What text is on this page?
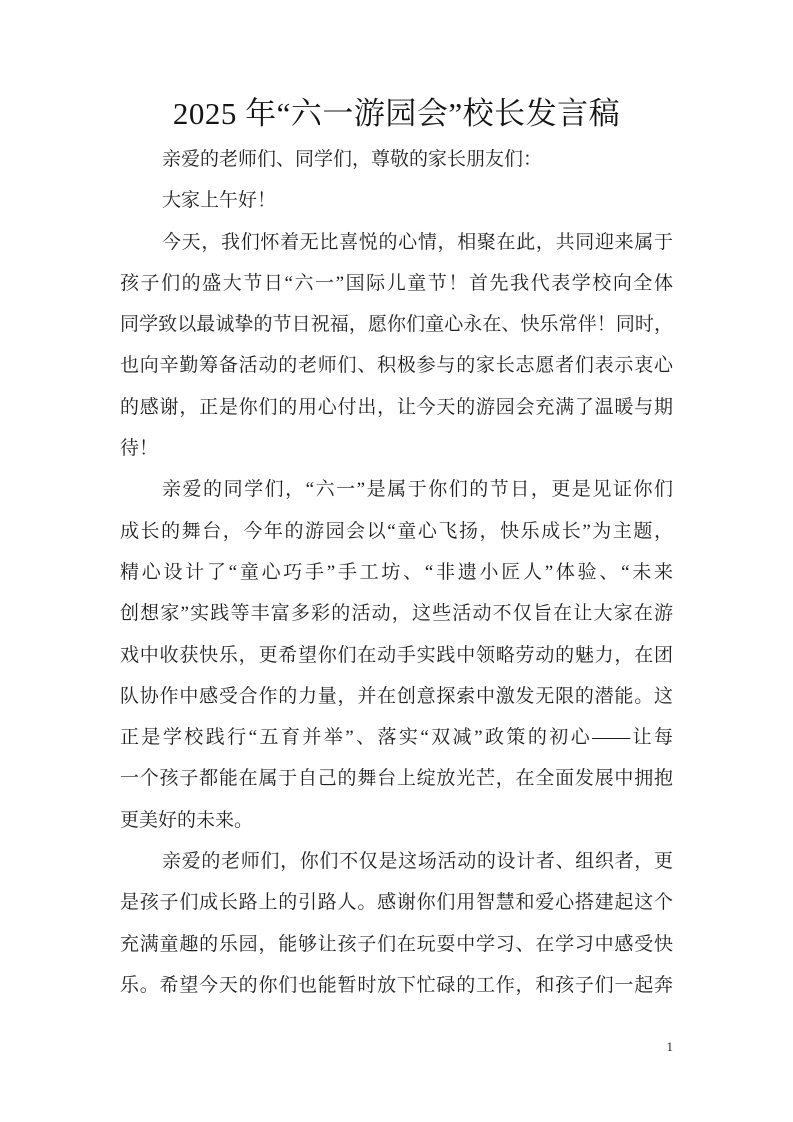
2025 年“六一游园会”校长发言稿
亲爱的老师们、同学们，尊敬的家长朋友们：
大家上午好！
今天，我们怀着无比喜悦的心情，相聚在此，共同迎来属于
孩子们的盛大节日“六一”国际儿童节！首先我代表学校向全体
同学致以最诚挚的节日祝福，愿你们童心永在、快乐常伴！同时，
也向辛勤筹备活动的老师们、积极参与的家长志愿者们表示衷心
的感谢，正是你们的用心付出，让今天的游园会充满了温暖与期
待！
亲爱的同学们，“六一”是属于你们的节日，更是见证你们
成长的舞台，今年的游园会以“童心飞扬，快乐成长”为主题，
精心设计了“童心巧手”手工坊、“非遗小匠人”体验、“未来
创想家”实践等丰富多彩的活动，这些活动不仅旨在让大家在游
戏中收获快乐，更希望你们在动手实践中领略劳动的魅力，在团
队协作中感受合作的力量，并在创意探索中激发无限的潜能。这
正是学校践行“五育并举”、落实“双减”政策的初心——让每
一个孩子都能在属于自己的舞台上绽放光芒，在全面发展中拥抱
更美好的未来。
亲爱的老师们，你们不仅是这场活动的设计者、组织者，更
是孩子们成长路上的引路人。感谢你们用智慧和爱心搭建起这个
充满童趣的乐园，能够让孩子们在玩耍中学习、在学习中感受快
乐。希望今天的你们也能暂时放下忙碌的工作，和孩子们一起奔
1
